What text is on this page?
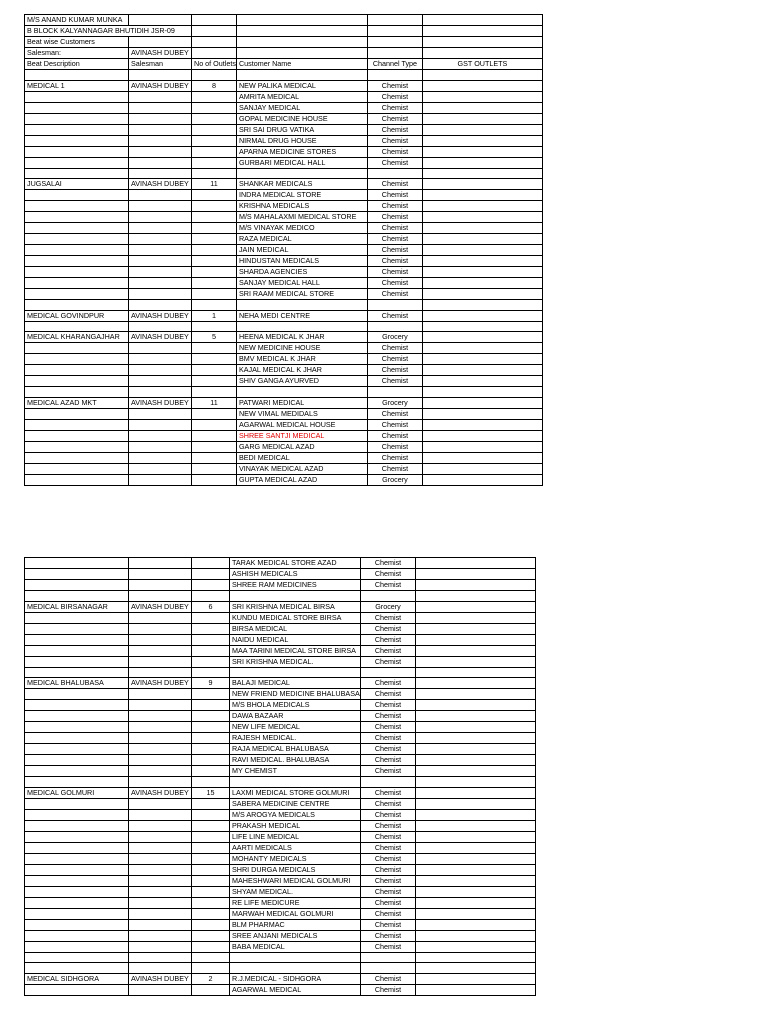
M/S ANAND KUMAR MUNKA					
B BLOCK KALYANNAGAR BHUTIDIH JSR-09					
Beat wise Customers					
Salesman:	AVINASH DUBEY				
Beat Description	Salesman	No of Outlets	Customer Name	Channel Type	GST OUTLETS

MEDICAL 1	AVINASH DUBEY	8	NEW PALIKA MEDICAL	Chemist	
			AMRITA MEDICAL	Chemist	
			SANJAY MEDICAL	Chemist	
			GOPAL MEDICINE HOUSE	Chemist	
			SRI SAI DRUG VATIKA	Chemist	
			NIRMAL DRUG HOUSE	Chemist	
			APARNA MEDICINE STORES	Chemist	
			GURBARI MEDICAL HALL	Chemist	

JUGSALAI	AVINASH DUBEY	11	SHANKAR MEDICALS	Chemist	
			INDRA MEDICAL STORE	Chemist	
			KRISHNA MEDICALS	Chemist	
			M/S MAHALAXMI MEDICAL STORE	Chemist	
			M/S VINAYAK MEDICO	Chemist	
			RAZA MEDICAL	Chemist	
			JAIN MEDICAL	Chemist	
			HINDUSTAN MEDICALS	Chemist	
			SHARDA AGENCIES	Chemist	
			SANJAY MEDICAL HALL	Chemist	
			SRI RAAM MEDICAL STORE	Chemist	

MEDICAL GOVINDPUR	AVINASH DUBEY	1	NEHA MEDI CENTRE	Chemist	

MEDICAL KHARANGAJHAR	AVINASH DUBEY	5	HEENA MEDICAL K JHAR	Grocery	
			NEW MEDICINE HOUSE	Chemist	
			BMV MEDICAL K JHAR	Chemist	
			KAJAL MEDICAL K JHAR	Chemist	
			SHIV GANGA AYURVED	Chemist	

MEDICAL AZAD MKT	AVINASH DUBEY	11	PATWARI MEDICAL	Grocery	
			NEW VIMAL MEDIDALS	Chemist	
			AGARWAL MEDICAL HOUSE	Chemist	
			SHREE SANTJI MEDICAL	Chemist	
			GARG MEDICAL AZAD	Chemist	
			BEDI MEDICAL	Chemist	
			VINAYAK MEDICAL AZAD	Chemist	
			GUPTA MEDICAL AZAD	Grocery	
			TARAK MEDICAL STORE AZAD	Chemist	
			ASHISH MEDICALS	Chemist	
			SHREE RAM MEDICINES	Chemist	

MEDICAL BIRSANAGAR	AVINASH DUBEY	6	SRI KRISHNA MEDICAL BIRSA	Grocery	
			KUNDU MEDICAL STORE BIRSA	Chemist	
			BIRSA MEDICAL	Chemist	
			NAIDU MEDICAL	Chemist	
			MAA TARINI MEDICAL STORE BIRSA	Chemist	
			SRI KRISHNA MEDICAL.	Chemist	

MEDICAL BHALUBASA	AVINASH DUBEY	9	BALAJI MEDICAL	Chemist	
			NEW FRIEND MEDICINE BHALUBASA	Chemist	
			M/S BHOLA MEDICALS	Chemist	
			DAWA BAZAAR	Chemist	
			NEW LIFE MEDICAL	Chemist	
			RAJESH MEDICAL.	Chemist	
			RAJA MEDICAL BHALUBASA	Chemist	
			RAVI MEDICAL. BHALUBASA	Chemist	
			MY CHEMIST	Chemist	

MEDICAL GOLMURI	AVINASH DUBEY	15	LAXMI MEDICAL STORE GOLMURI	Chemist	
			SABERA MEDICINE CENTRE	Chemist	
			M/S AROGYA MEDICALS	Chemist	
			PRAKASH MEDICAL	Chemist	
			LIFE LINE MEDICAL	Chemist	
			AARTI MEDICALS	Chemist	
			MOHANTY MEDICALS	Chemist	
			SHRI DURGA MEDICALS	Chemist	
			MAHESHWARI MEDICAL GOLMURI	Chemist	
			SHYAM MEDICAL.	Chemist	
			RE LIFE MEDICURE	Chemist	
			MARWAH MEDICAL GOLMURI	Chemist	
			BLM PHARMAC	Chemist	
			SREE ANJANI MEDICALS	Chemist	
			BABA MEDICAL	Chemist	

MEDICAL SIDHGORA	AVINASH DUBEY	2	R.J.MEDICAL - SIDHGORA	Chemist	
			AGARWAL MEDICAL	Chemist	
